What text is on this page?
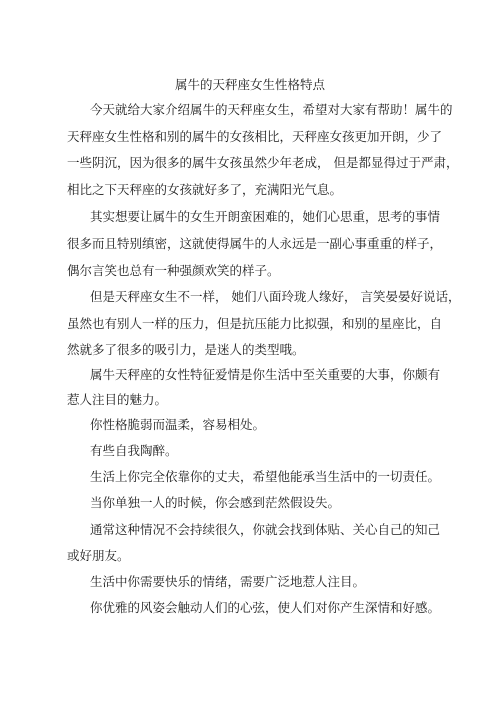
属牛的天秤座女生性格特点
今天就给大家介绍属牛的天秤座女生，希望对大家有帮助！属牛的
天秤座女生性格和别的属牛的女孩相比，天秤座女孩更加开朗，少了
一些阴沉，因为很多的属牛女孩虽然少年老成， 但是都显得过于严肃，
相比之下天秤座的女孩就好多了，充满阳光气息。
其实想要让属牛的女生开朗蛮困难的，她们心思重，思考的事情
很多而且特别缜密，这就使得属牛的人永远是一副心事重重的样子，
偶尔言笑也总有一种强颜欢笑的样子。
但是天秤座女生不一样， 她们八面玲珑人缘好， 言笑晏晏好说话，
虽然也有别人一样的压力，但是抗压能力比拟强，和别的星座比，自
然就多了很多的吸引力，是迷人的类型哦。
属牛天秤座的女性特征爱情是你生活中至关重要的大事，你颇有
惹人注目的魅力。
你性格脆弱而温柔，容易相处。
有些自我陶醉。
生活上你完全依靠你的丈夫，希望他能承当生活中的一切责任。
当你单独一人的时候，你会感到茫然假设失。
通常这种情况不会持续很久，你就会找到体贴、关心自己的知己
或好朋友。
生活中你需要快乐的情绪，需要广泛地惹人注目。
你优雅的风姿会触动人们的心弦，使人们对你产生深情和好感。
